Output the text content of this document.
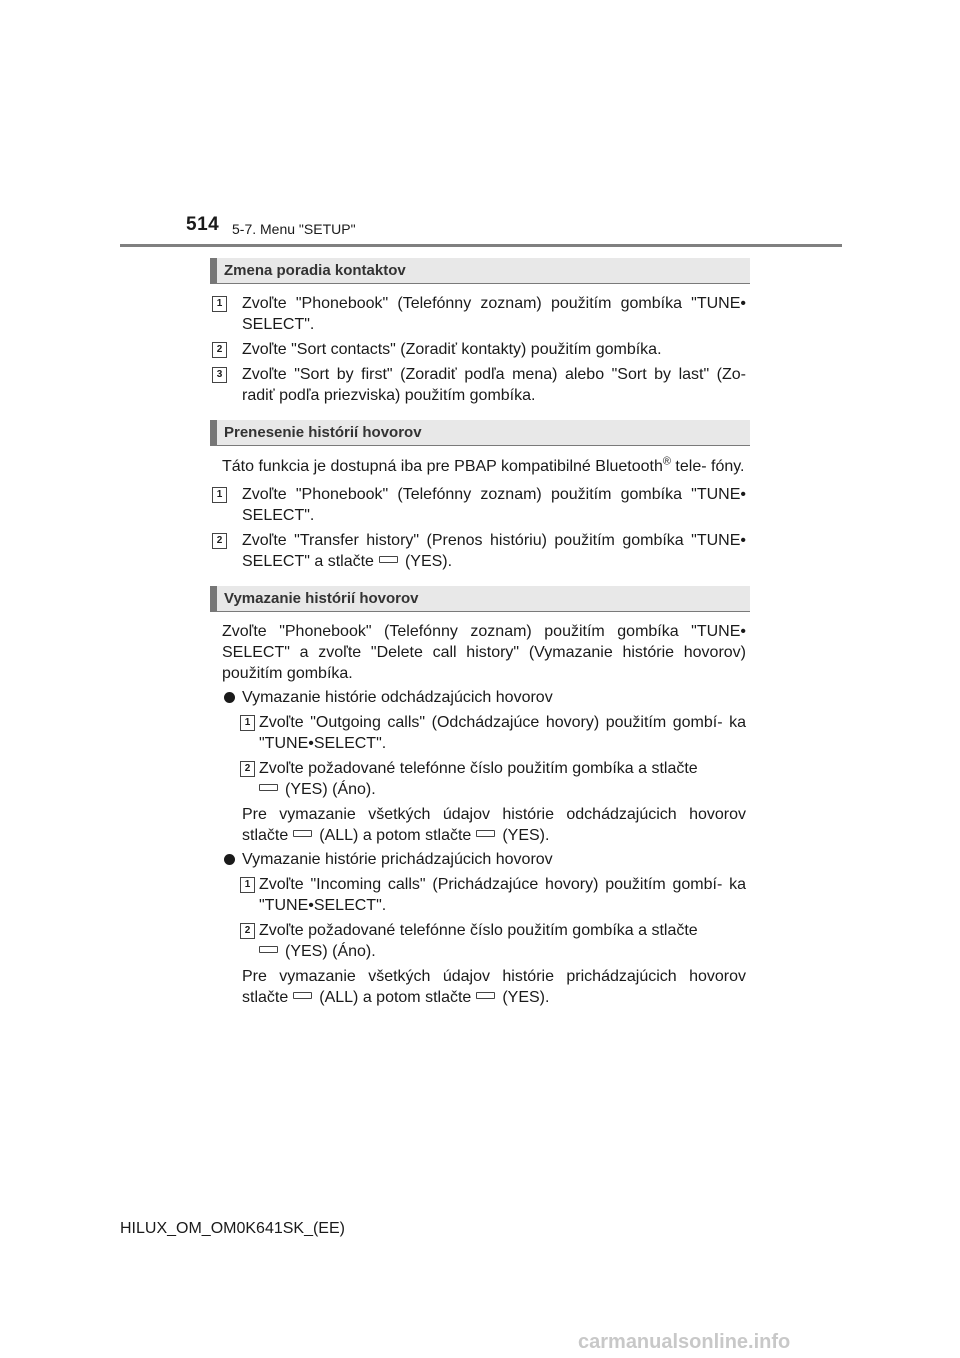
514 5-7. Menu "SETUP"
Zmena poradia kontaktov
1 Zvoľte "Phonebook" (Telefónny zoznam) použitím gombíka "TUNE• SELECT".
2 Zvoľte "Sort contacts" (Zoradiť kontakty) použitím gombíka.
3 Zvoľte "Sort by first" (Zoradiť podľa mena) alebo "Sort by last" (Zo- radiť podľa priezviska) použitím gombíka.
Prenesenie histórií hovorov
Táto funkcia je dostupná iba pre PBAP kompatibilné Bluetooth® tele- fóny.
1 Zvoľte "Phonebook" (Telefónny zoznam) použitím gombíka "TUNE• SELECT".
2 Zvoľte "Transfer history" (Prenos históriu) použitím gombíka "TUNE• SELECT" a stlačte (YES).
Vymazanie histórií hovorov
Zvoľte "Phonebook" (Telefónny zoznam) použitím gombíka "TUNE• SELECT" a zvoľte "Delete call history" (Vymazanie histórie hovorov) použitím gombíka.
Vymazanie histórie odchádzajúcich hovorov
1 Zvoľte "Outgoing calls" (Odchádzajúce hovory) použitím gombí- ka "TUNE•SELECT".
2 Zvoľte požadované telefónne číslo použitím gombíka a stlačte
(YES) (Áno).
Pre vymazanie všetkých údajov histórie odchádzajúcich hovorov stlačte (ALL) a potom stlačte (YES).
Vymazanie histórie prichádzajúcich hovorov
1 Zvoľte "Incoming calls" (Prichádzajúce hovory) použitím gombí- ka "TUNE•SELECT".
2 Zvoľte požadované telefónne číslo použitím gombíka a stlačte
(YES) (Áno).
Pre vymazanie všetkých údajov histórie prichádzajúcich hovorov stlačte (ALL) a potom stlačte (YES).
HILUX_OM_OM0K641SK_(EE)
carmanualsonline.info
